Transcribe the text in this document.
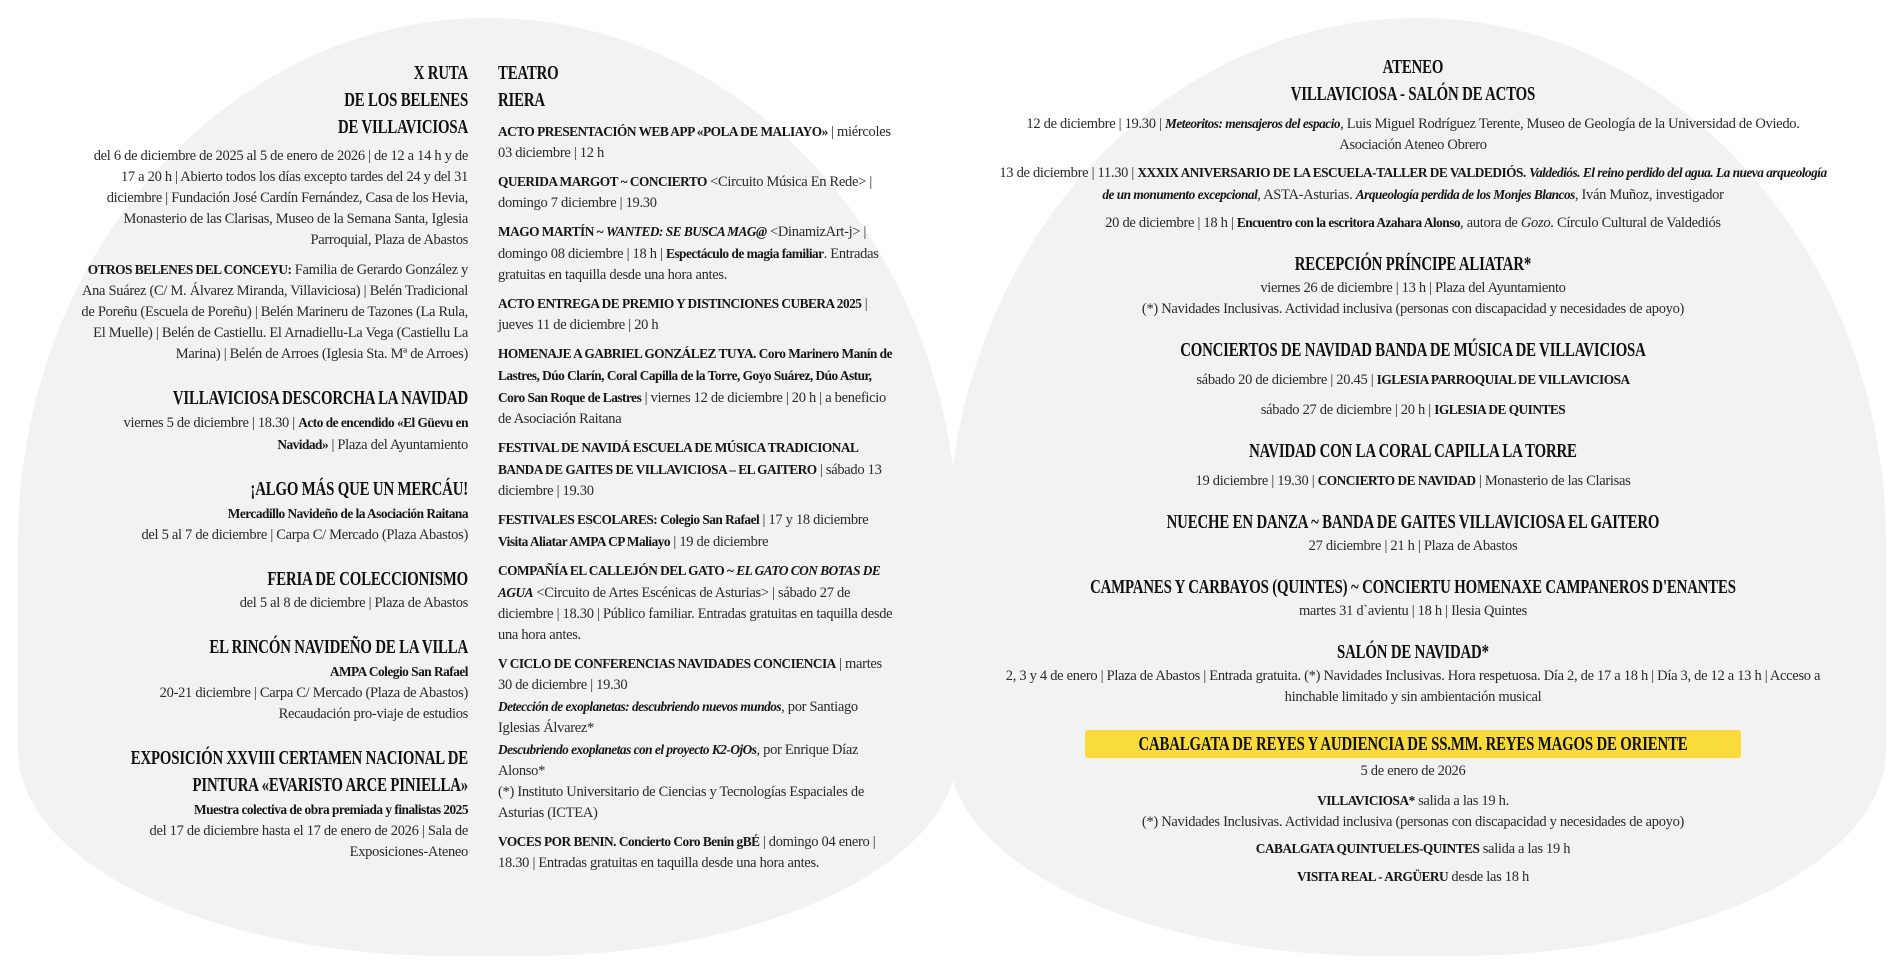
X RUTA
DE LOS BELENES
DE VILLAVICIOSA

del 6 de diciembre de 2025 al 5 de enero de 2026 | de 12 a 14 h y de 17 a 20 h | Abierto todos los días excepto tardes del 24 y del 31 diciembre | Fundación José Cardín Fernández, Casa de los Hevia, Monasterio de las Clarisas, Museo de la Semana Santa, Iglesia Parroquial, Plaza de Abastos

OTROS BELENES DEL CONCEYU: Familia de Gerardo González y Ana Suárez (C/ M. Álvarez Miranda, Villaviciosa) | Belén Tradicional de Poreñu (Escuela de Poreñu) | Belén Marineru de Tazones (La Rula, El Muelle) | Belén de Castiellu. El Arnadiellu-La Vega (Castiellu La Marina) | Belén de Arroes (Iglesia Sta. Mª de Arroes)

VILLAVICIOSA DESCORCHA LA NAVIDAD

viernes 5 de diciembre | 18.30 | Acto de encendido «El Güevu en Navidad» | Plaza del Ayuntamiento

¡ALGO MÁS QUE UN MERCÁU!

Mercadillo Navideño de la Asociación Raitana

del 5 al 7 de diciembre | Carpa C/ Mercado (Plaza Abastos)

FERIA DE COLECCIONISMO

del 5 al 8 de diciembre | Plaza de Abastos

EL RINCÓN NAVIDEÑO DE LA VILLA

AMPA Colegio San Rafael

20-21 diciembre | Carpa C/ Mercado (Plaza de Abastos)

Recaudación pro-viaje de estudios

EXPOSICIÓN XXVIII CERTAMEN NACIONAL DE
PINTURA «EVARISTO ARCE PINIELLA»

Muestra colectiva de obra premiada y finalistas 2025

del 17 de diciembre hasta el 17 de enero de 2026 | Sala de Exposiciones-Ateneo

TEATRO
RIERA

ACTO PRESENTACIÓN WEB APP «POLA DE MALIAYO» | miércoles 03 diciembre | 12 h

QUERIDA MARGOT ~ CONCIERTO <Circuito Música En Rede> | domingo 7 diciembre | 19.30

MAGO MARTÍN ~ WANTED: SE BUSCA MAG@ <DinamizArt-j> | domingo 08 diciembre | 18 h | Espectáculo de magia familiar. Entradas gratuitas en taquilla desde una hora antes.

ACTO ENTREGA DE PREMIO Y DISTINCIONES CUBERA 2025 | jueves 11 de diciembre | 20 h

HOMENAJE A GABRIEL GONZÁLEZ TUYA. Coro Marinero Manín de Lastres, Dúo Clarín, Coral Capilla de la Torre, Goyo Suárez, Dúo Astur, Coro San Roque de Lastres | viernes 12 de diciembre | 20 h | a beneficio de Asociación Raitana

FESTIVAL DE NAVIDÁ ESCUELA DE MÚSICA TRADICIONAL BANDA DE GAITES DE VILLAVICIOSA – EL GAITERO | sábado 13 diciembre | 19.30

FESTIVALES ESCOLARES: Colegio San Rafael | 17 y 18 diciembre Visita Aliatar AMPA CP Maliayo | 19 de diciembre

COMPAÑÍA EL CALLEJÓN DEL GATO ~ EL GATO CON BOTAS DE AGUA <Circuito de Artes Escénicas de Asturias> | sábado 27 de diciembre | 18.30 | Público familiar. Entradas gratuitas en taquilla desde una hora antes.

V CICLO DE CONFERENCIAS NAVIDADES CONCIENCIA | martes 30 de diciembre | 19.30

Detección de exoplanetas: descubriendo nuevos mundos, por Santiago Iglesias Álvarez*

Descubriendo exoplanetas con el proyecto K2-OjOs, por Enrique Díaz Alonso*

(*) Instituto Universitario de Ciencias y Tecnologías Espaciales de Asturias (ICTEA)

VOCES POR BENIN. Concierto Coro Benin gBÉ | domingo 04 enero | 18.30 | Entradas gratuitas en taquilla desde una hora antes.

ATENEO
VILLAVICIOSA - SALÓN DE ACTOS

12 de diciembre | 19.30 | Meteoritos: mensajeros del espacio, Luis Miguel Rodríguez Terente, Museo de Geología de la Universidad de Oviedo. Asociación Ateneo Obrero

13 de diciembre | 11.30 | XXXIX ANIVERSARIO DE LA ESCUELA-TALLER DE VALDEDIÓS. Valdediós. El reino perdido del agua. La nueva arqueología de un monumento excepcional, ASTA-Asturias. Arqueología perdida de los Monjes Blancos, Iván Muñoz, investigador

20 de diciembre | 18 h | Encuentro con la escritora Azahara Alonso, autora de Gozo. Círculo Cultural de Valdediós

RECEPCIÓN PRÍNCIPE ALIATAR*

viernes 26 de diciembre | 13 h | Plaza del Ayuntamiento

(*) Navidades Inclusivas. Actividad inclusiva (personas con discapacidad y necesidades de apoyo)

CONCIERTOS DE NAVIDAD BANDA DE MÚSICA DE VILLAVICIOSA

sábado 20 de diciembre | 20.45 | IGLESIA PARROQUIAL DE VILLAVICIOSA

sábado 27 de diciembre | 20 h | IGLESIA DE QUINTES

NAVIDAD CON LA CORAL CAPILLA LA TORRE

19 diciembre | 19.30 | CONCIERTO DE NAVIDAD | Monasterio de las Clarisas

NUECHE EN DANZA ~ BANDA DE GAITES VILLAVICIOSA EL GAITERO

27 diciembre | 21 h | Plaza de Abastos

CAMPANES Y CARBAYOS (QUINTES) ~ CONCIERTU HOMENAXE CAMPANEROS D'ENANTES

martes 31 d`avientu | 18 h | Ilesia Quintes

SALÓN DE NAVIDAD*

2, 3 y 4 de enero | Plaza de Abastos | Entrada gratuita. (*) Navidades Inclusivas. Hora respetuosa. Día 2, de 17 a 18 h | Día 3, de 12 a 13 h | Acceso a hinchable limitado y sin ambientación musical

CABALGATA DE REYES Y AUDIENCIA DE SS.MM. REYES MAGOS DE ORIENTE

5 de enero de 2026

VILLAVICIOSA* salida a las 19 h.

(*) Navidades Inclusivas. Actividad inclusiva (personas con discapacidad y necesidades de apoyo)

CABALGATA QUINTUELES-QUINTES salida a las 19 h

VISITA REAL - ARGÜERU desde las 18 h
